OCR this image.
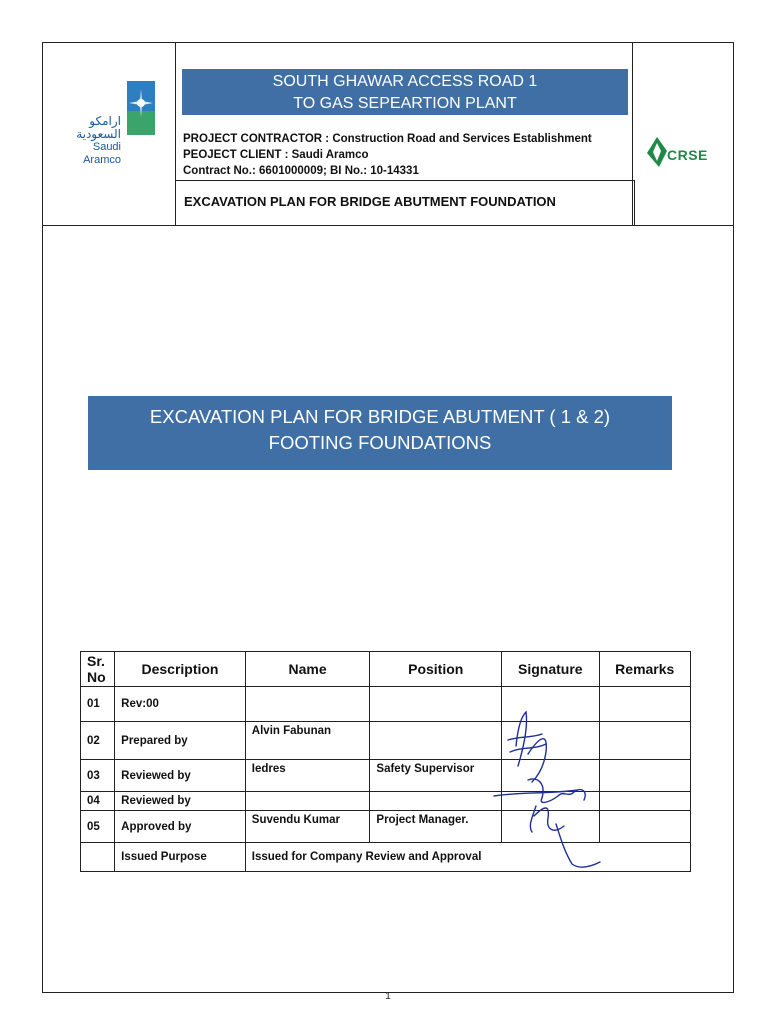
ارامكو السعودية
Saudi Aramco
SOUTH GHAWAR ACCESS ROAD 1
TO GAS SEPEARTION PLANT
PROJECT CONTRACTOR : Construction Road and Services Establishment
PEOJECT CLIENT : Saudi Aramco
Contract No.: 6601000009; BI No.: 10-14331
EXCAVATION PLAN FOR BRIDGE ABUTMENT FOUNDATION
CRSE
EXCAVATION PLAN FOR BRIDGE ABUTMENT ( 1 & 2)
FOOTING FOUNDATIONS
Sr.
No	Description	Name	Position	Signature	Remarks
01	Rev:00				
02	Prepared by	Alvin Fabunan			
03	Reviewed by	Iedres	Safety Supervisor		
04	Reviewed by				
05	Approved by	Suvendu Kumar	Project Manager.		
	Issued Purpose	Issued for Company Review and Approval			
1
